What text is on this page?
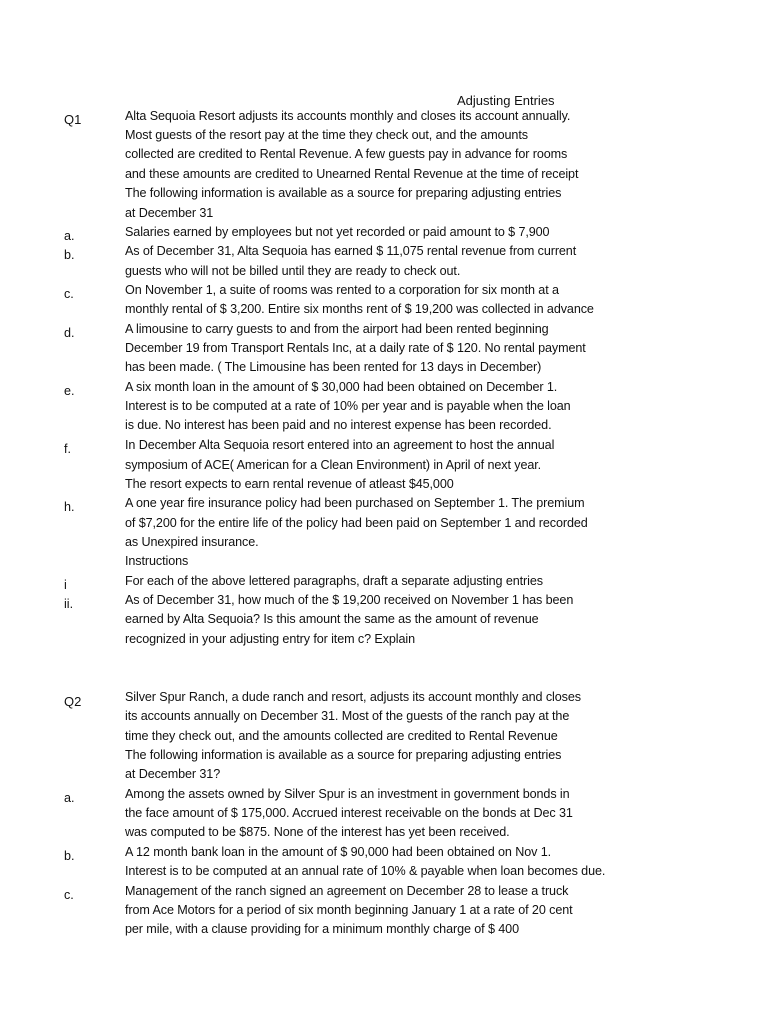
Adjusting Entries
Q1	Alta Sequoia Resort adjusts its accounts monthly and closes its account annually.
Most guests of the resort pay at the time they check out, and the amounts
collected are credited to Rental Revenue. A few guests pay in advance for rooms
and these amounts are credited to Unearned Rental Revenue at the time of receipt
The following information is available as a source for preparing adjusting entries
at December 31
a.	Salaries earned by employees but not yet recorded or paid amount to $ 7,900
b.	As of December 31, Alta Sequoia has earned $ 11,075 rental revenue from current
guests who will not be billed until they are ready to check out.
c.	On November 1, a suite of rooms was rented to a corporation for six month at a
monthly rental of $ 3,200. Entire six months rent of $ 19,200 was collected in advance
d.	A limousine to carry guests to and from the airport had been rented beginning
December 19 from Transport Rentals Inc, at a daily rate of $ 120. No rental payment
has been made. ( The Limousine has been rented for 13 days in December)
e.	A six month loan in the amount of $ 30,000 had been obtained on December 1.
Interest is to be computed at a rate of 10% per year and is payable when the loan
is due. No interest has been paid and no interest expense has been recorded.
f.	In December Alta Sequoia resort entered into an agreement to host the annual
symposium of ACE( American for a Clean Environment) in April of next year.
The resort expects to earn rental revenue of atleast $45,000
h.	A one year fire insurance policy had been purchased on September 1. The premium
of $7,200 for the entire life of the policy had been paid on September 1 and recorded
as Unexpired insurance.
Instructions
i	For each of the above lettered paragraphs, draft a separate adjusting entries
ii.	As of December 31, how much of the $ 19,200 received on November 1 has been
earned by Alta Sequoia? Is this amount the same as the amount of revenue
recognized in your adjusting entry for item c? Explain
Q2	Silver Spur Ranch, a dude ranch and resort, adjusts its account monthly and closes
its accounts annually on December 31. Most of the guests of the ranch pay at the
time they check out, and the amounts collected are credited to Rental Revenue
The following information is available as a source for preparing adjusting entries
at December 31?
a.	Among the assets owned by Silver Spur is an investment in government bonds in
the face amount of $ 175,000. Accrued interest receivable on the bonds at Dec 31
was computed to be $875. None of the interest has yet been received.
b.	A 12 month bank loan in the amount of $ 90,000 had been obtained on Nov 1.
Interest is to be computed at an annual rate of 10% & payable when loan becomes due.
c.	Management of the ranch signed an agreement on December 28 to lease a truck
from Ace Motors for a period of six month beginning January 1 at a rate of 20 cent
per mile, with a clause providing for a minimum monthly charge of $ 400
